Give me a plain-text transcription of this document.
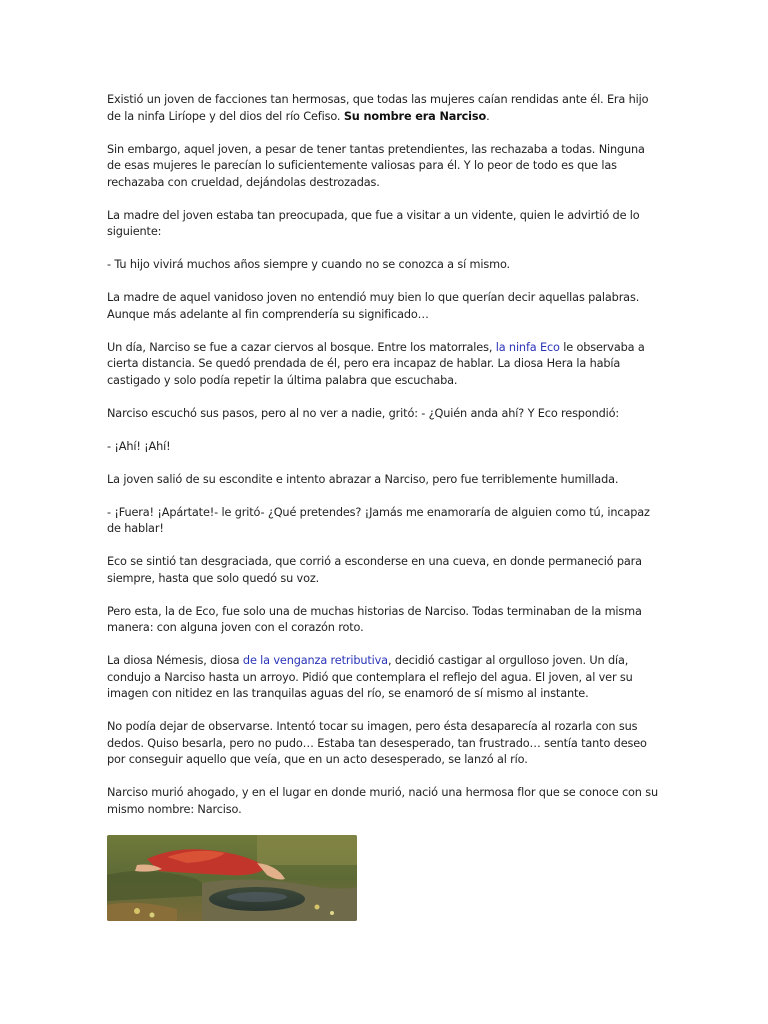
Existió un joven de facciones tan hermosas, que todas las mujeres caían rendidas ante él. Era hijo de la ninfa Liríope y del dios del río Cefiso. Su nombre era Narciso.

Sin embargo, aquel joven, a pesar de tener tantas pretendientes, las rechazaba a todas. Ninguna de esas mujeres le parecían lo suficientemente valiosas para él. Y lo peor de todo es que las rechazaba con crueldad, dejándolas destrozadas.

La madre del joven estaba tan preocupada, que fue a visitar a un vidente, quien le advirtió de lo siguiente:

- Tu hijo vivirá muchos años siempre y cuando no se conozca a sí mismo.

La madre de aquel vanidoso joven no entendió muy bien lo que querían decir aquellas palabras. Aunque más adelante al fin comprendería su significado…

Un día, Narciso se fue a cazar ciervos al bosque. Entre los matorrales, la ninfa Eco le observaba a cierta distancia. Se quedó prendada de él, pero era incapaz de hablar. La diosa Hera la había castigado y solo podía repetir la última palabra que escuchaba.

Narciso escuchó sus pasos, pero al no ver a nadie, gritó: - ¿Quién anda ahí? Y Eco respondió:

- ¡Ahí! ¡Ahí!

La joven salió de su escondite e intento abrazar a Narciso, pero fue terriblemente humillada.

- ¡Fuera! ¡Apártate!- le gritó- ¿Qué pretendes? ¡Jamás me enamoraría de alguien como tú, incapaz de hablar!

Eco se sintió tan desgraciada, que corrió a esconderse en una cueva, en donde permaneció para siempre, hasta que solo quedó su voz.

Pero esta, la de Eco, fue solo una de muchas historias de Narciso. Todas terminaban de la misma manera: con alguna joven con el corazón roto.

La diosa Némesis, diosa de la venganza retributiva, decidió castigar al orgulloso joven. Un día, condujo a Narciso hasta un arroyo. Pidió que contemplara el reflejo del agua. El joven, al ver su imagen con nitidez en las tranquilas aguas del río, se enamoró de sí mismo al instante.

No podía dejar de observarse. Intentó tocar su imagen, pero ésta desaparecía al rozarla con sus dedos. Quiso besarla, pero no pudo… Estaba tan desesperado, tan frustrado… sentía tanto deseo por conseguir aquello que veía, que en un acto desesperado, se lanzó al río.

Narciso murió ahogado, y en el lugar en donde murió, nació una hermosa flor que se conoce con su mismo nombre: Narciso.
